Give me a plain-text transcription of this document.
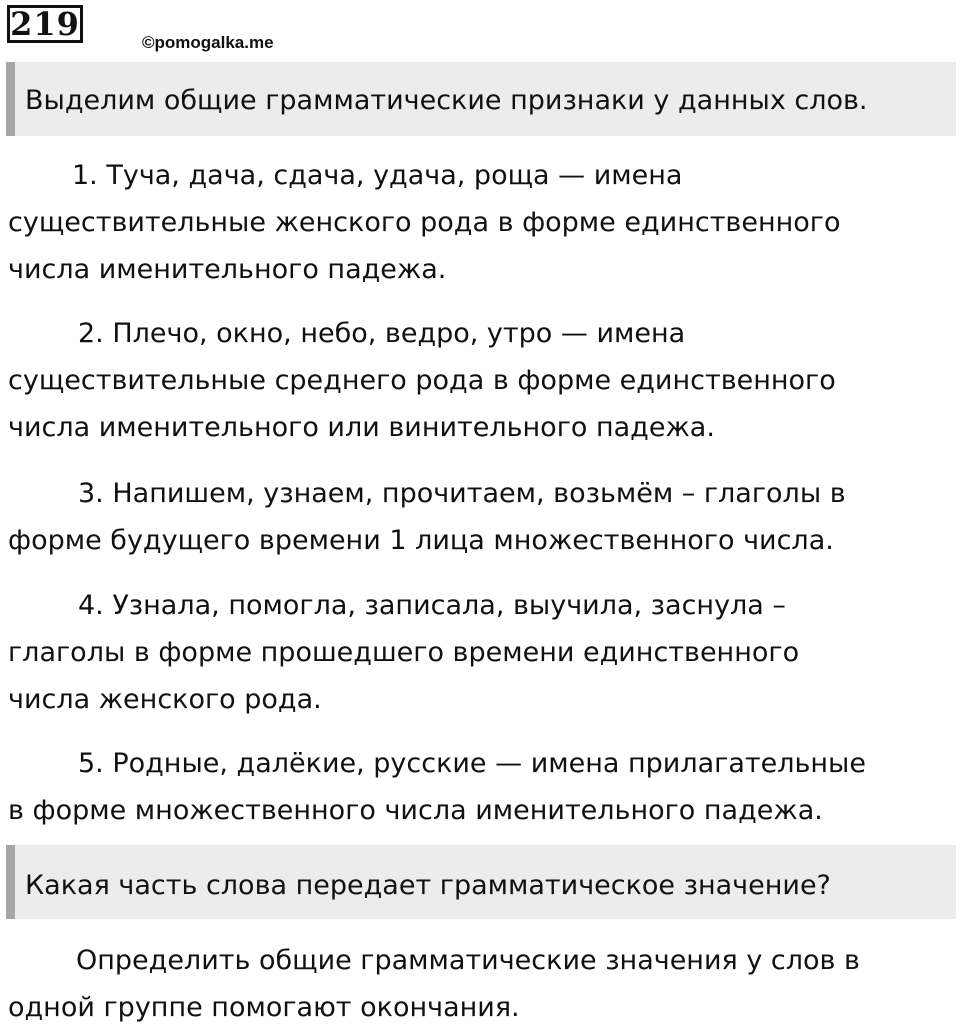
219	©pomogalka.me
Выделим общие грамматические признаки у данных слов.
1. Туча, дача, сдача, удача, роща — имена
существительные женского рода в форме единственного
числа именительного падежа.
2. Плечо, окно, небо, ведро, утро — имена
существительные среднего рода в форме единственного
числа именительного или винительного падежа.
3. Напишем, узнаем, прочитаем, возьмём – глаголы в
форме будущего времени 1 лица множественного числа.
4. Узнала, помогла, записала, выучила, заснула –
глаголы в форме прошедшего времени единственного
числа женского рода.
5. Родные, далёкие, русские — имена прилагательные
в форме множественного числа именительного падежа.
Какая часть слова передает грамматическое значение?
Определить общие грамматические значения у слов в
одной группе помогают окончания.
